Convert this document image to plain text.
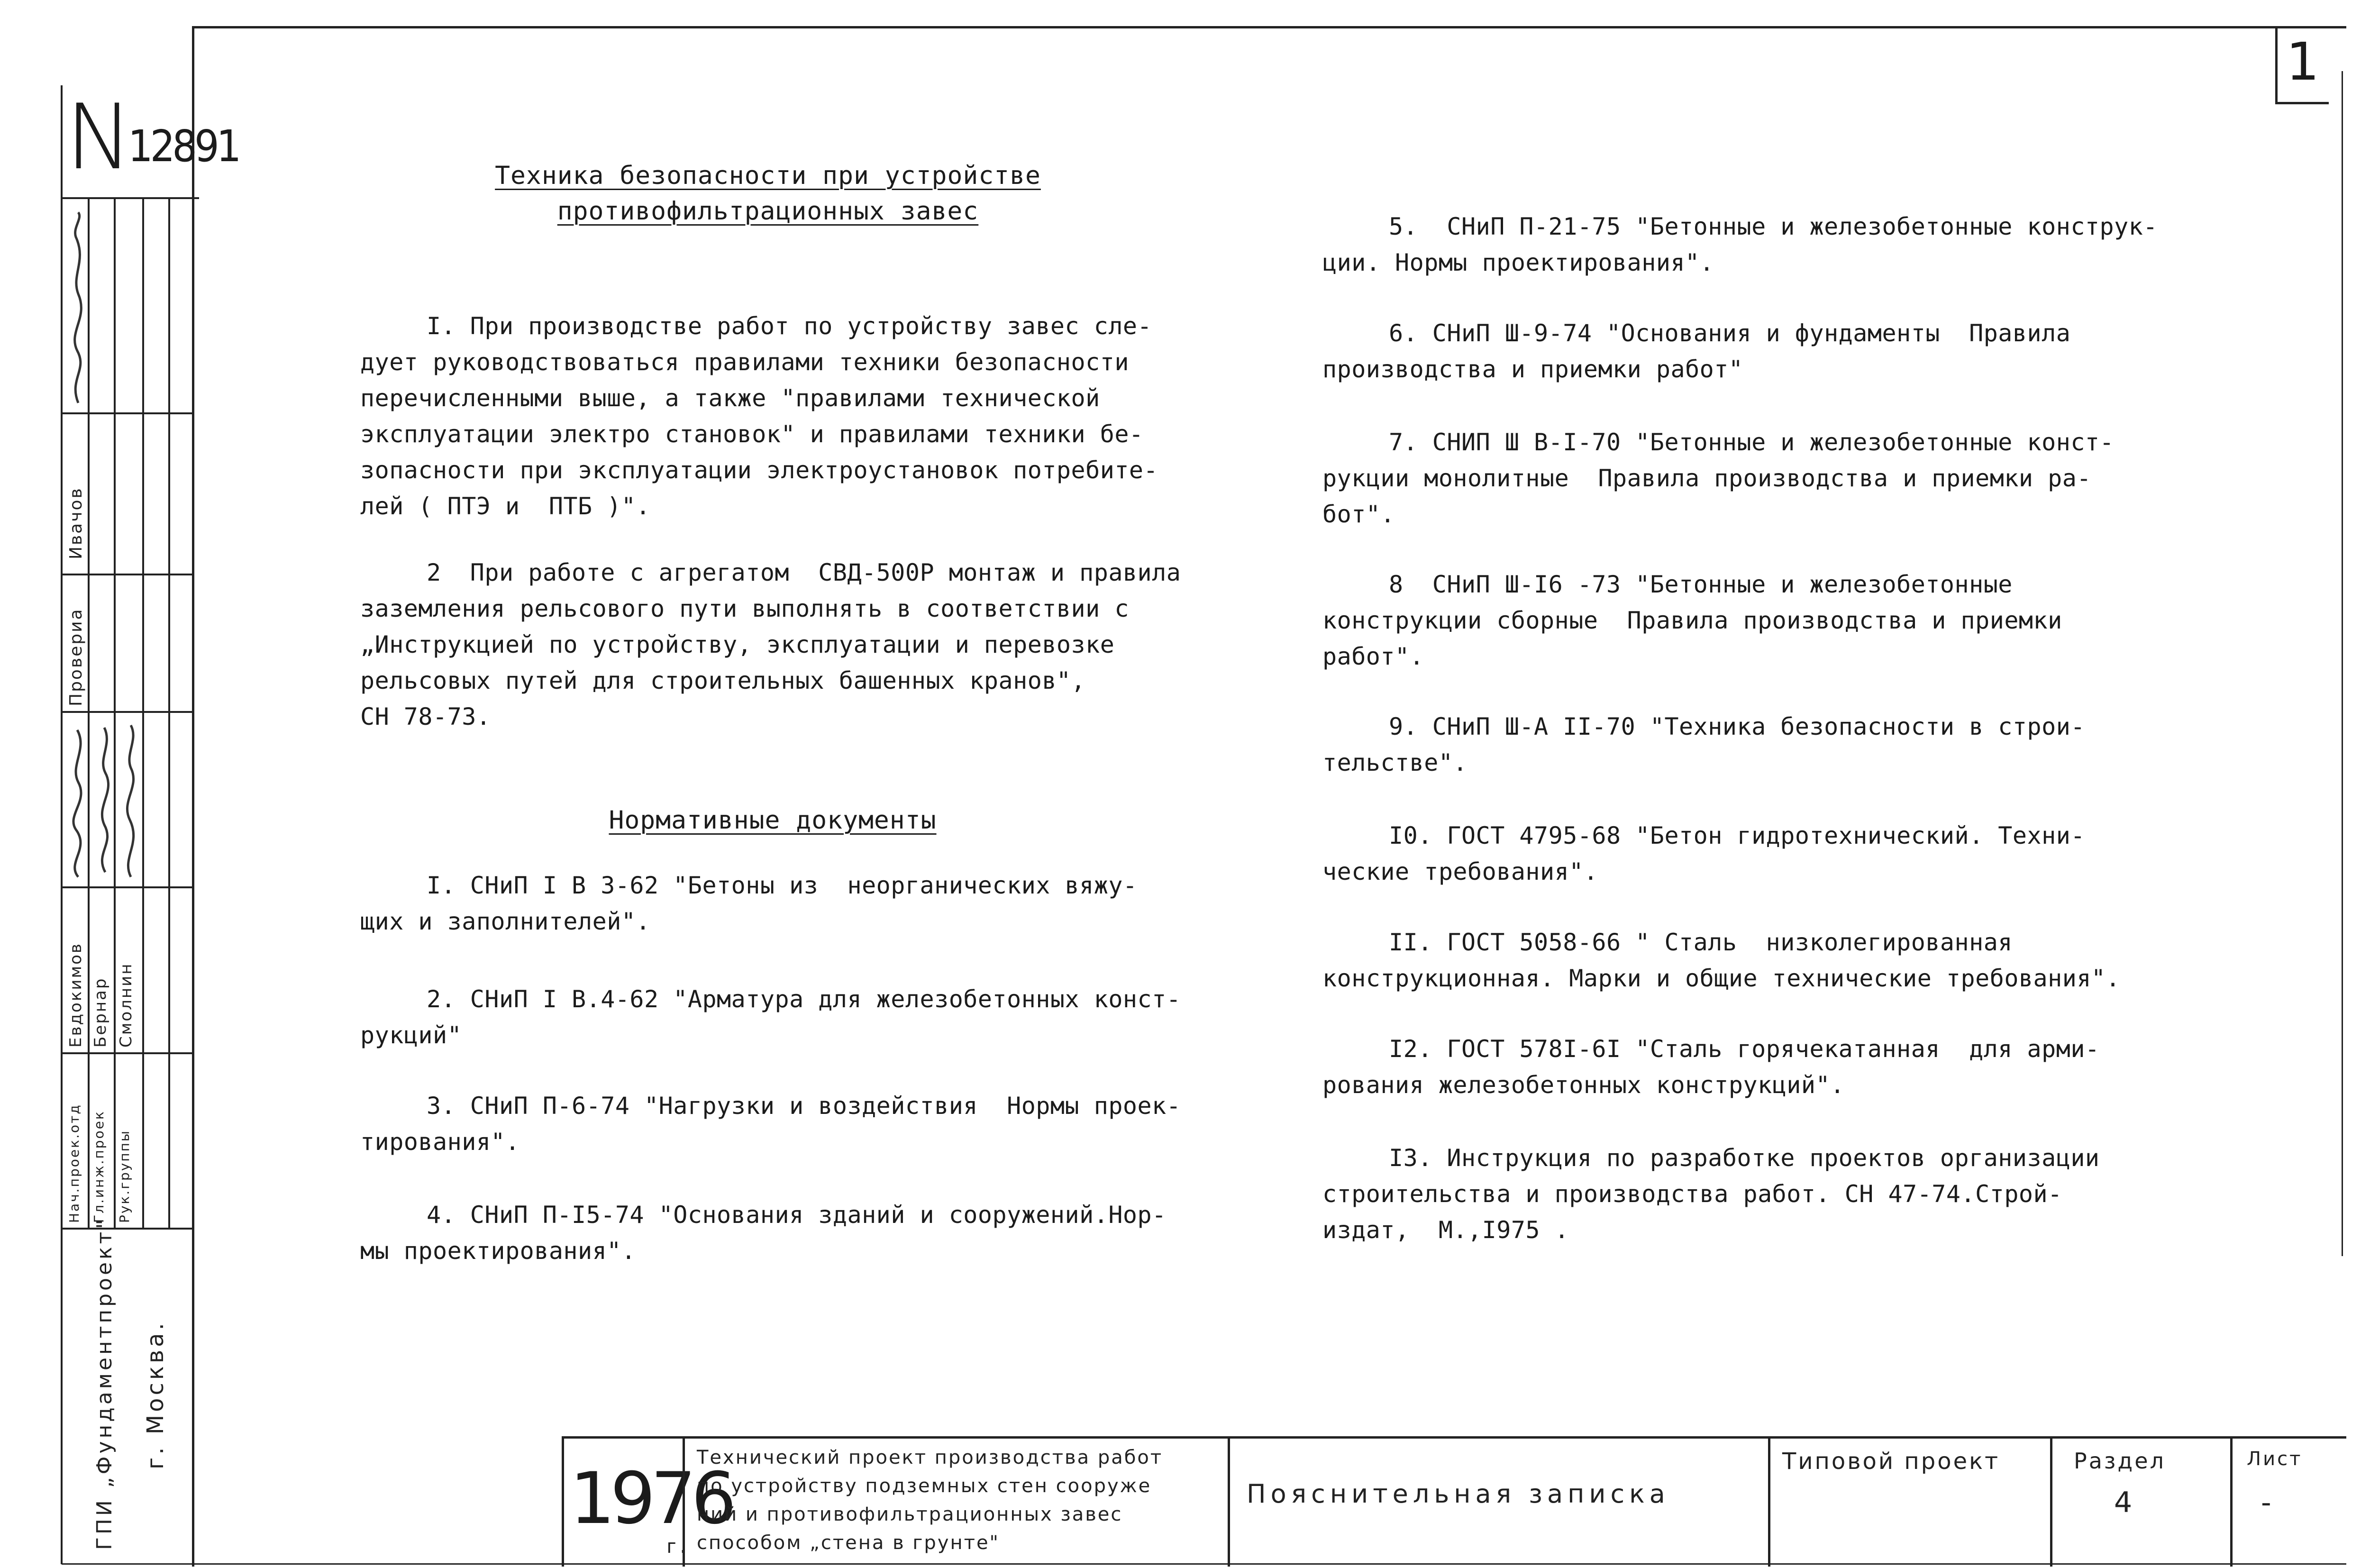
1
N
12891
Провериа
Ивачов
Нач.проек.отд Гл.инж.проек Рук.группы
Евдокимов Бернар Смолнин
ГПИ „Фундаментпроект" г. Москва.
Техника безопасности при устройстве
противофильтрационных завес
I. При производстве работ по устройству завес сле-
дует руководствоваться правилами техники безопасности
перечисленными выше, а также "правилами технической
эксплуатации электро становок" и правилами техники бе-
зопасности при эксплуатации электроустановок потребите-
лей ( ПТЭ и  ПТБ )".
2  При работе с агрегатом  СВД-500Р монтаж и правила
заземления рельсового пути выполнять в соответствии с
„Инструкцией по устройству, эксплуатации и перевозке
рельсовых путей для строительных башенных кранов",
СН 78-73.
Нормативные документы
I. СНиП I В 3-62 "Бетоны из  неорганических вяжу-
щих и заполнителей".
2. СНиП I В.4-62 "Арматура для железобетонных конст-
рукций"
3. СНиП П-6-74 "Нагрузки и воздействия  Нормы проек-
тирования".
4. СНиП П-I5-74 "Основания зданий и сооружений.Нор-
мы проектирования".
5.  СНиП П-21-75 "Бетонные и железобетонные конструк-
ции. Нормы проектирования".
6. СНиП Ш-9-74 "Основания и фундаменты  Правила
производства и приемки работ"
7. СНИП Ш В-I-70 "Бетонные и железобетонные конст-
рукции монолитные  Правила производства и приемки ра-
бот".
8  СНиП Ш-I6 -73 "Бетонные и железобетонные
конструкции сборные  Правила производства и приемки
работ".
9. СНиП Ш-А II-70 "Техника безопасности в строи-
тельстве".
I0. ГОСТ 4795-68 "Бетон гидротехнический. Техни-
ческие требования".
II. ГОСТ 5058-66 " Сталь  низколегированная
конструкционная. Марки и общие технические требования".
I2. ГОСТ 578I-6I "Сталь горячекатанная  для арми-
рования железобетонных конструкций".
I3. Инструкция по разработке проектов организации
строительства и производства работ. СН 47-74.Строй-
издат,  М.,I975 .
1976
г.
Технический проект производства работ
по устройству подземных стен сооруже
ний и противофильтрационных завес
способом „стена в грунте"
Пояснительная записка
Типовой проект	Раздел
4
Лист
-
